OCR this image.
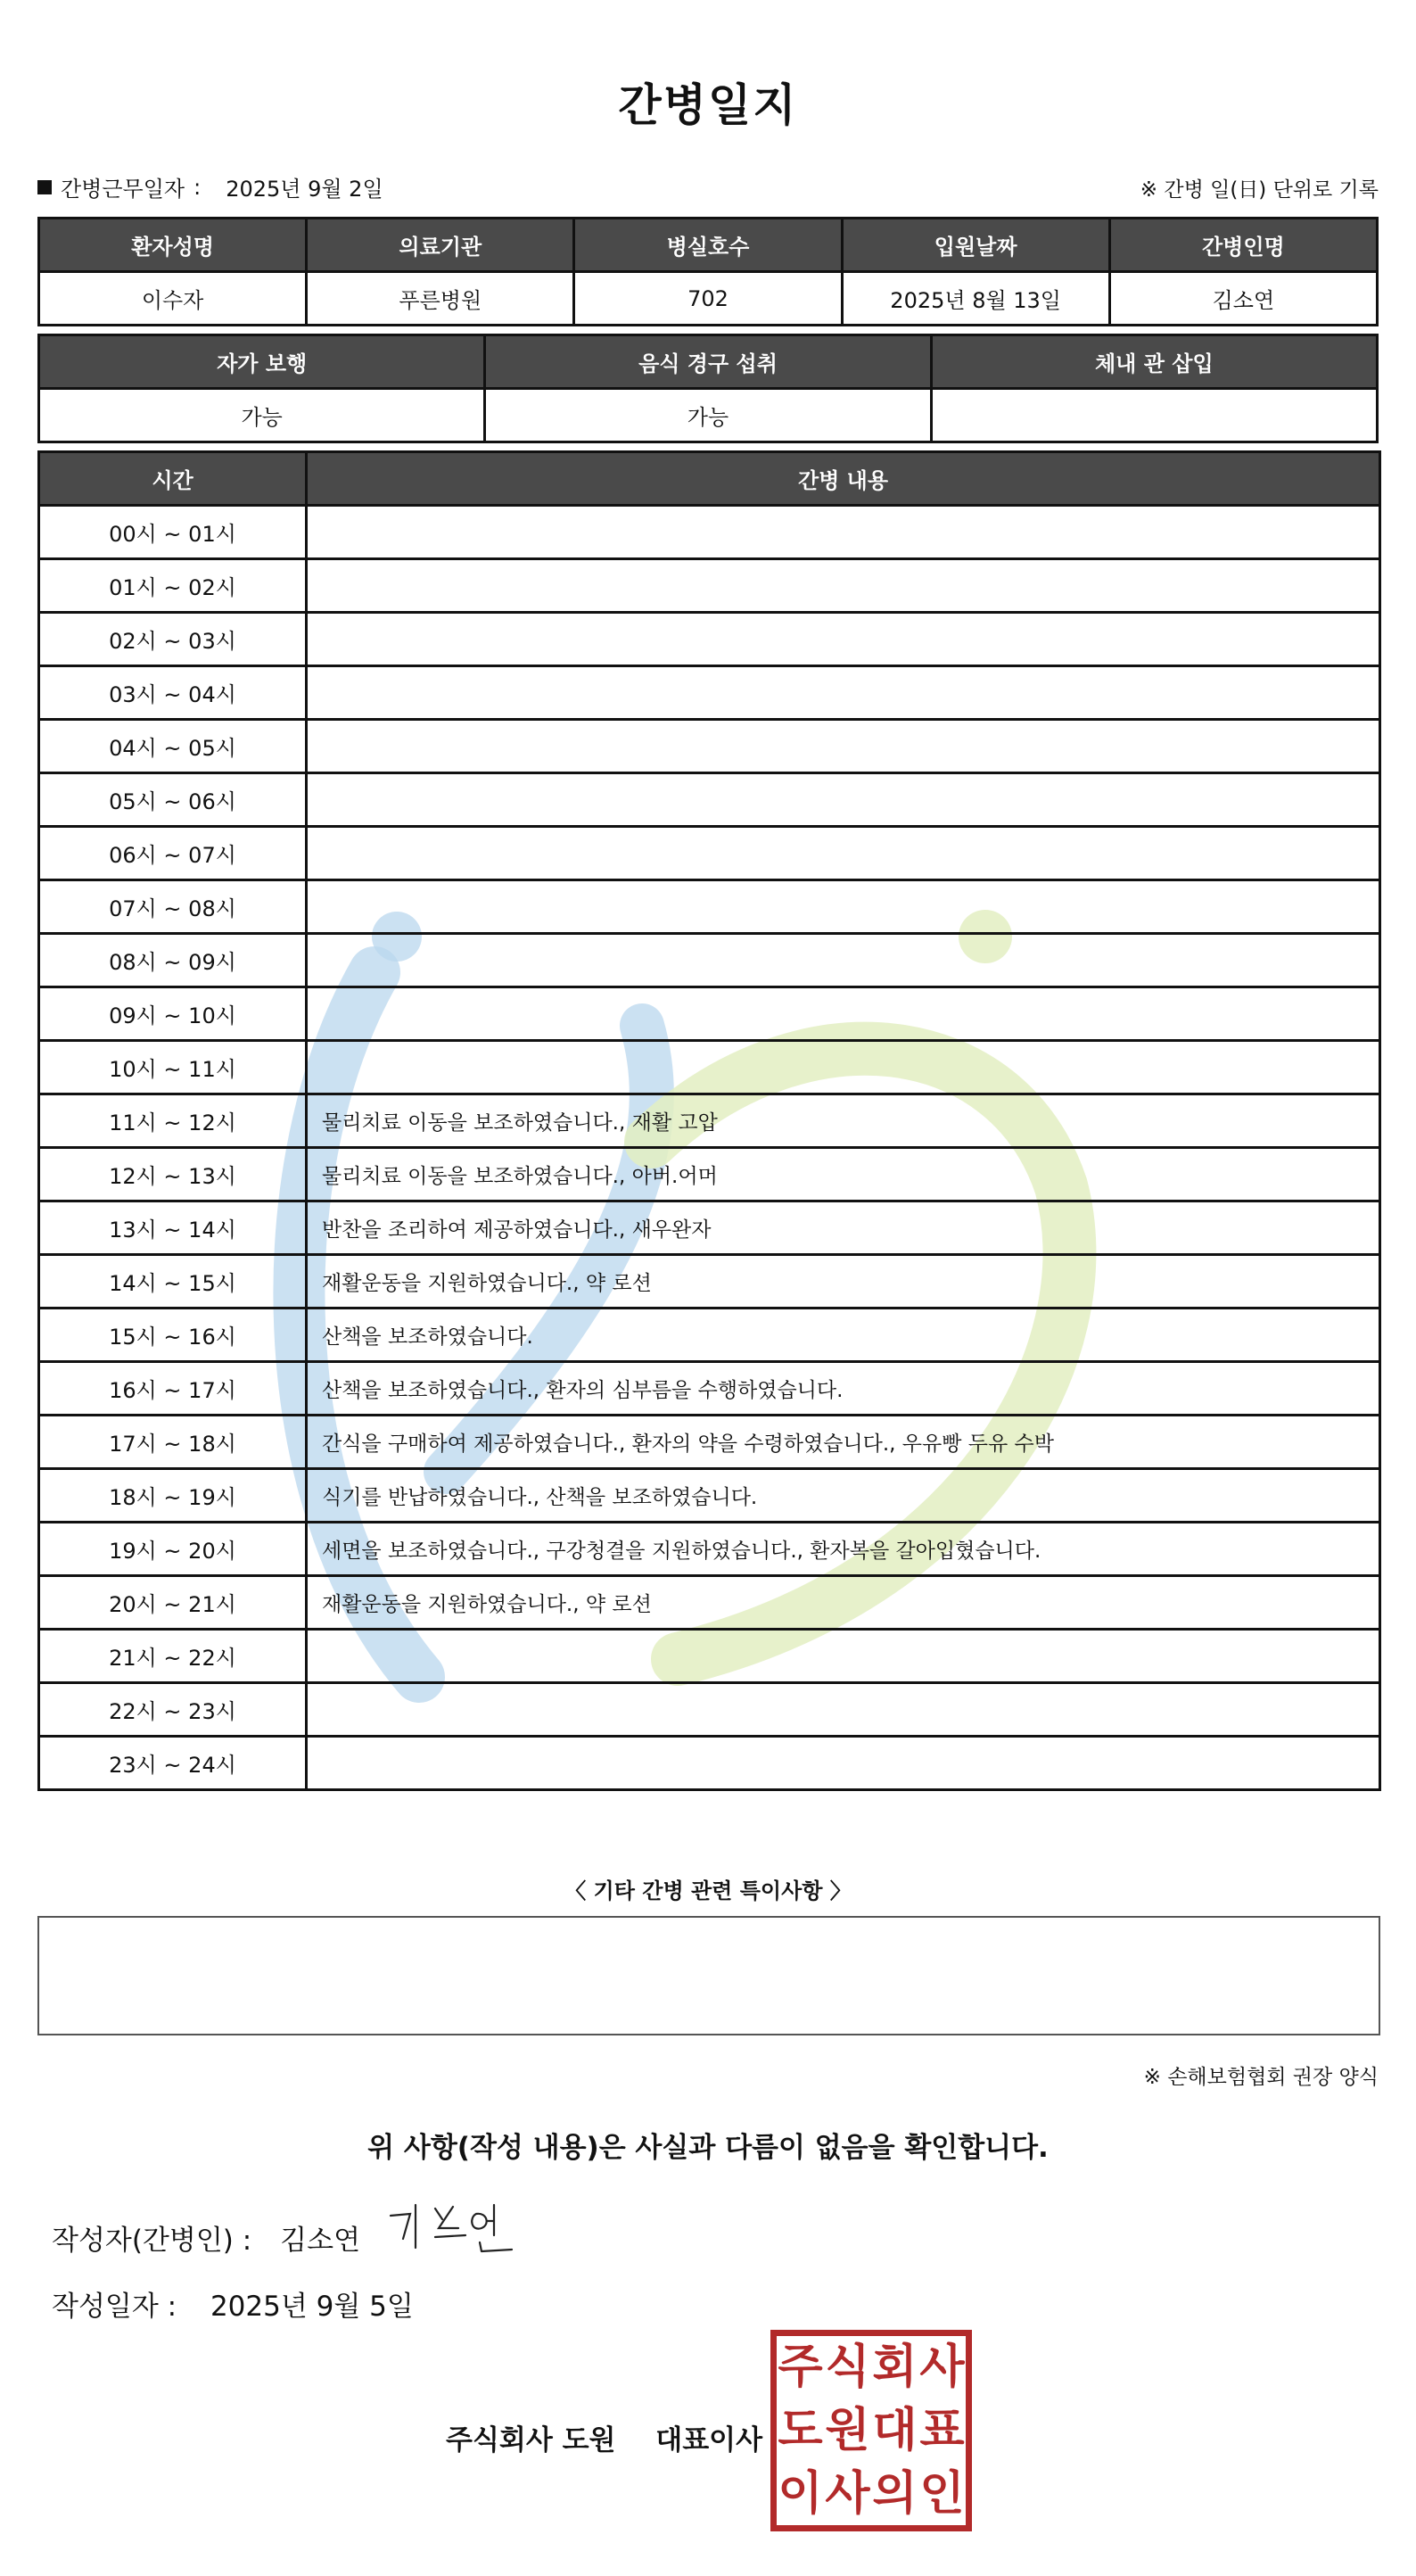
간병일지
간병근무일자 : 2025년 9월 2일	※ 간병 일(日) 단위로 기록
환자성명	의료기관	병실호수	입원날짜	간병인명
이수자	푸른병원	702	2025년 8월 13일	김소연
자가 보행	음식 경구 섭취	체내 관 삽입
가능	가능	
시간	간병 내용
00시 ~ 01시	
01시 ~ 02시	
02시 ~ 03시	
03시 ~ 04시	
04시 ~ 05시	
05시 ~ 06시	
06시 ~ 07시	
07시 ~ 08시	
08시 ~ 09시	
09시 ~ 10시	
10시 ~ 11시	
11시 ~ 12시	물리치료 이동을 보조하였습니다., 재활 고압
12시 ~ 13시	물리치료 이동을 보조하였습니다., 아버.어머
13시 ~ 14시	반찬을 조리하여 제공하였습니다., 새우완자
14시 ~ 15시	재활운동을 지원하였습니다., 약 로션
15시 ~ 16시	산책을 보조하였습니다.
16시 ~ 17시	산책을 보조하였습니다., 환자의 심부름을 수행하였습니다.
17시 ~ 18시	간식을 구매하여 제공하였습니다., 환자의 약을 수령하였습니다., 우유빵 두유 수박
18시 ~ 19시	식기를 반납하였습니다., 산책을 보조하였습니다.
19시 ~ 20시	세면을 보조하였습니다., 구강청결을 지원하였습니다., 환자복을 갈아입혔습니다.
20시 ~ 21시	재활운동을 지원하였습니다., 약 로션
21시 ~ 22시	
22시 ~ 23시	
23시 ~ 24시	
〈 기타 간병 관련 특이사항 〉
※ 손해보험협회 권장 양식
위 사항(작성 내용)은 사실과 다름이 없음을 확인합니다.
작성자(간병인) : 김소연
작성일자 : 2025년 9월 5일
주식회사 도원 대표이사
주 식 회 사
도 원 대 표
이 사 의 인
